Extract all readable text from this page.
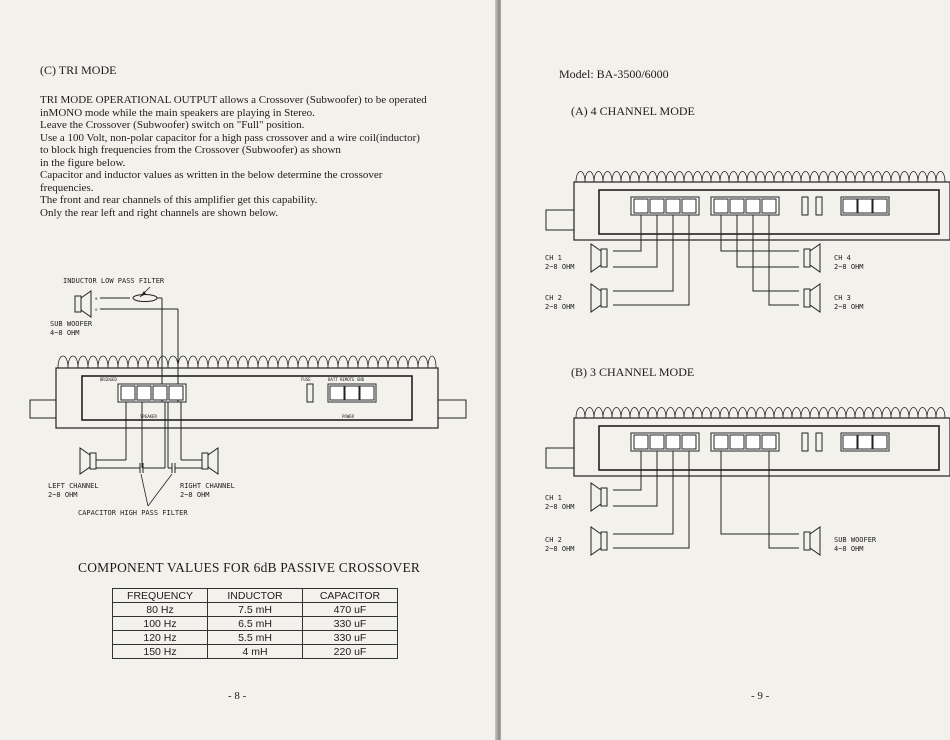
(C) TRI MODE
TRI MODE OPERATIONAL OUTPUT allows a Crossover (Subwoofer) to be operated
inMONO mode while the main speakers are playing in Stereo.
Leave the Crossover (Subwoofer) switch on "Full" position.
Use a 100 Volt, non-polar capacitor for a high pass crossover and a wire coil(inductor)
to block high frequencies from the Crossover (Subwoofer) as shown
in the figure below.
Capacitor and inductor values as written in the below determine the crossover
frequencies.
The front and rear channels of this amplifier get this capability.
Only the rear left and right channels are shown below.
INDUCTOR LOW PASS FILTER
⊕
⊖
SUB WOOFER
4~8 OHM
BRIDGED
SPEAKER
FUSE	BATT REMOTE GND
POWER
LEFT CHANNEL
2~8 OHM
RIGHT CHANNEL
2~8 OHM
CAPACITOR HIGH PASS FILTER
COMPONENT VALUES FOR 6dB PASSIVE CROSSOVER
FREQUENCY	INDUCTOR	CAPACITOR
80 Hz	7.5 mH	470 uF
100 Hz	6.5 mH	330 uF
120 Hz	5.5 mH	330 uF
150 Hz	4 mH	220 uF
- 8 -
Model: BA-3500/6000
(A) 4 CHANNEL MODE
CH 1
2~8 OHM
CH 2
2~8 OHM
CH 4
2~8 OHM
CH 3
2~8 OHM
(B) 3 CHANNEL MODE
CH 1
2~8 OHM
CH 2
2~8 OHM
SUB WOOFER
4~8 OHM
- 9 -
